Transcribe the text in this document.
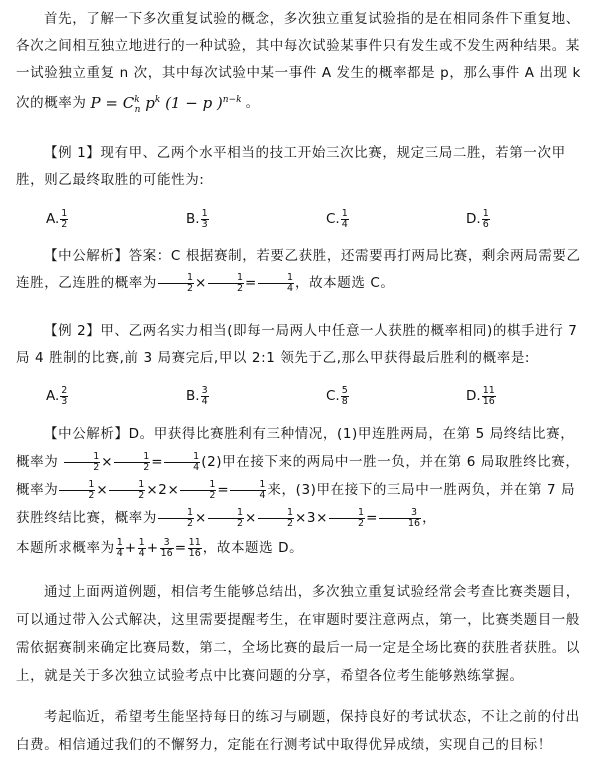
首先，了解一下多次重复试验的概念，多次独立重复试验指的是在相同条件下重复地、各次之间相互独立地进行的一种试验，其中每次试验某事件只有发生或不发生两种结果。某一试验独立重复 n 次，其中每次试验中某一事件 A 发生的概率都是 p，那么事件 A 出现 k 次的概率为 $P = C^k_n$ $p^k$ (1 − p )$^{n-k}$ 。
【例 1】现有甲、乙两个水平相当的技工开始三次比赛，规定三局二胜，若第一次甲胜，则乙最终取胜的可能性为:
A. $\frac{1}{2}$	B. $\frac{1}{3}$	C. $\frac{1}{4}$	D. $\frac{1}{6}$
【中公解析】答案：C 根据赛制，若要乙获胜，还需要再打两局比赛，剩余两局需要乙连胜，乙连胜的概率为 $\frac{1}{2} \times \frac{1}{2} = \frac{1}{4}$ ，故本题选 C。
【例 2】甲、乙两名实力相当(即每一局两人中任意一人获胜的概率相同)的棋手进行 7 局 4 胜制的比赛,前 3 局赛完后,甲以 2:1 领先于乙,那么甲获得最后胜利的概率是:
A. $\frac{2}{3}$	B. $\frac{3}{4}$	C. $\frac{5}{8}$	D. $\frac{11}{16}$
【中公解析】D。甲获得比赛胜利有三种情况，(1)甲连胜两局，在第 5 局终结比赛，概率为 $\frac{1}{2} \times \frac{1}{2} = \frac{1}{4} (2)$甲在接下来的两局中一胜一负，并在第 6 局取胜终比赛，概率为 $\frac{1}{2} \times \frac{1}{2} \times 2\times \frac{1}{2} = \frac{1}{4}$ 来，(3)甲在接下的三局中一胜两负，并在第 7 局获胜终结比赛，概率为 $\frac{1}{2} \times \frac{1}{2} \times \frac{1}{2} \times 3\times \frac{1}{2} = \frac{3}{16}$ ，
本题所求概率为 $\frac{1}{4} + \frac{1}{4} + \frac{3}{16} = \frac{11}{16}$ ，故本题选 D。
通过上面两道例题，相信考生能够总结出，多次独立重复试验经常会考查比赛类题目，可以通过带入公式解决，这里需要提醒考生，在审题时要注意两点，第一，比赛类题目一般需依据赛制来确定比赛局数，第二，全场比赛的最后一局一定是全场比赛的获胜者获胜。以上，就是关于多次独立试验考点中比赛问题的分享，希望各位考生能够熟练掌握。
考起临近，希望考生能坚持每日的练习与刷题，保持良好的考试状态，不让之前的付出白费。相信通过我们的不懈努力，定能在行测考试中取得优异成绩，实现自己的目标！
